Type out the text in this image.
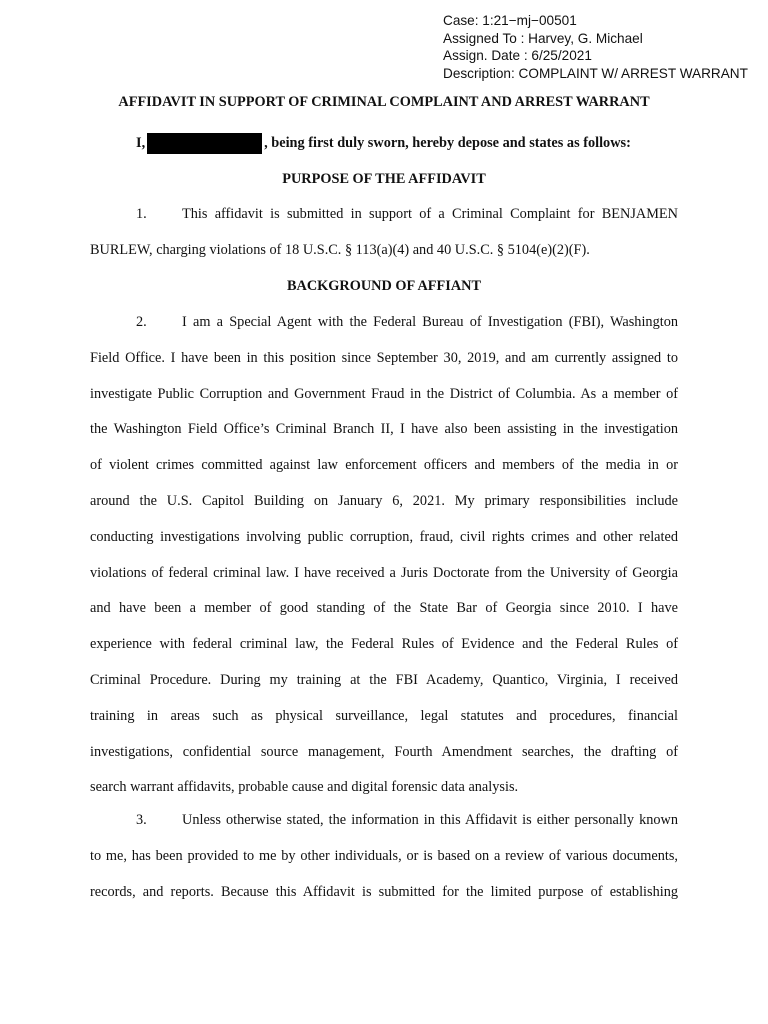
Case: 1:21−mj−00501
Assigned To : Harvey, G. Michael
Assign. Date : 6/25/2021
Description: COMPLAINT W/ ARREST WARRANT
AFFIDAVIT IN SUPPORT OF CRIMINAL COMPLAINT AND ARREST WARRANT
I,	, being first duly sworn, hereby depose and states as follows:
PURPOSE OF THE AFFIDAVIT
1. This affidavit is submitted in support of a Criminal Complaint for BENJAMEN
BURLEW, charging violations of 18 U.S.C. § 113(a)(4) and 40 U.S.C. § 5104(e)(2)(F).
BACKGROUND OF AFFIANT
2. I am a Special Agent with the Federal Bureau of Investigation (FBI), Washington
Field Office. I have been in this position since September 30, 2019, and am currently assigned to
investigate Public Corruption and Government Fraud in the District of Columbia. As a member of
the Washington Field Office’s Criminal Branch II, I have also been assisting in the investigation
of violent crimes committed against law enforcement officers and members of the media in or
around the U.S. Capitol Building on January 6, 2021. My primary responsibilities include
conducting investigations involving public corruption, fraud, civil rights crimes and other related
violations of federal criminal law. I have received a Juris Doctorate from the University of Georgia
and have been a member of good standing of the State Bar of Georgia since 2010. I have
experience with federal criminal law, the Federal Rules of Evidence and the Federal Rules of
Criminal Procedure. During my training at the FBI Academy, Quantico, Virginia, I received
training in areas such as physical surveillance, legal statutes and procedures, financial
investigations, confidential source management, Fourth Amendment searches, the drafting of
search warrant affidavits, probable cause and digital forensic data analysis.
3. Unless otherwise stated, the information in this Affidavit is either personally known
to me, has been provided to me by other individuals, or is based on a review of various documents,
records, and reports. Because this Affidavit is submitted for the limited purpose of establishing
